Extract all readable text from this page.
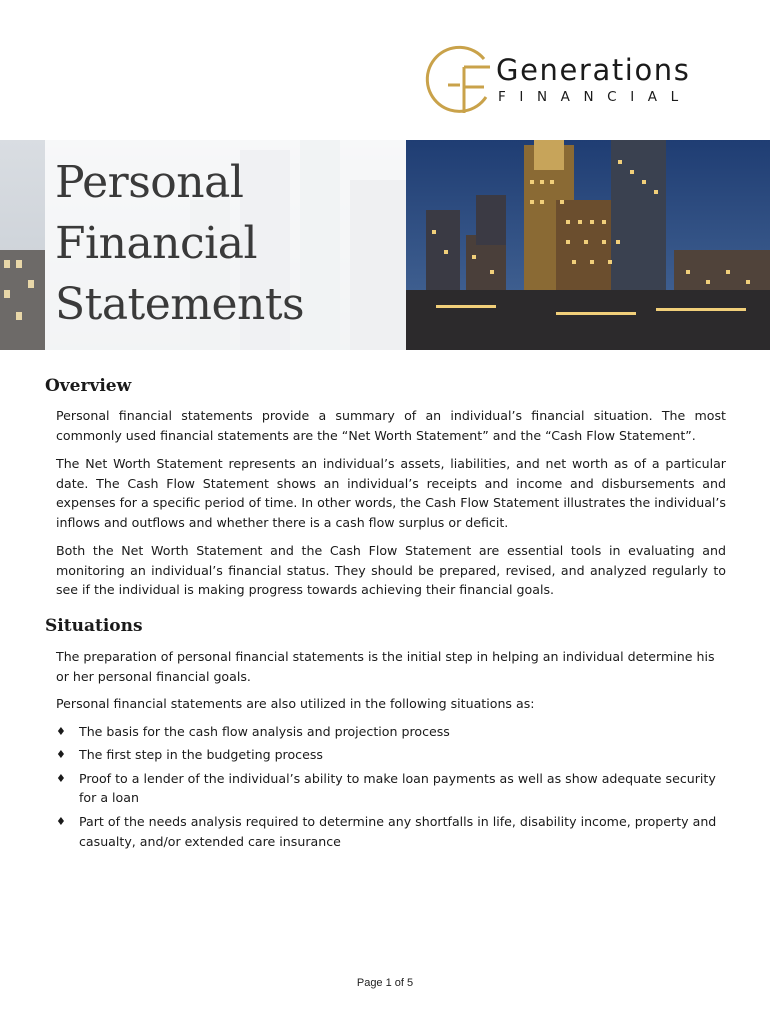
Generations
FINANCIAL
Personal
Financial
Statements
Overview

Personal financial statements provide a summary of an individual’s financial situation. The most commonly used financial statements are the “Net Worth Statement” and the “Cash Flow Statement”.

The Net Worth Statement represents an individual’s assets, liabilities, and net worth as of a particular date. The Cash Flow Statement shows an individual’s receipts and income and disbursements and expenses for a specific period of time. In other words, the Cash Flow Statement illustrates the individual’s inflows and outflows and whether there is a cash flow surplus or deficit.

Both the Net Worth Statement and the Cash Flow Statement are essential tools in evaluating and monitoring an individual’s financial status. They should be prepared, revised, and analyzed regularly to see if the individual is making progress towards achieving their financial goals.

Situations

The preparation of personal financial statements is the initial step in helping an individual determine his or her personal financial goals.

Personal financial statements are also utilized in the following situations as:

♦ The basis for the cash flow analysis and projection process
♦ The first step in the budgeting process
♦ Proof to a lender of the individual’s ability to make loan payments as well as show adequate security for a loan
♦ Part of the needs analysis required to determine any shortfalls in life, disability income, property and casualty, and/or extended care insurance
Page 1 of 5
